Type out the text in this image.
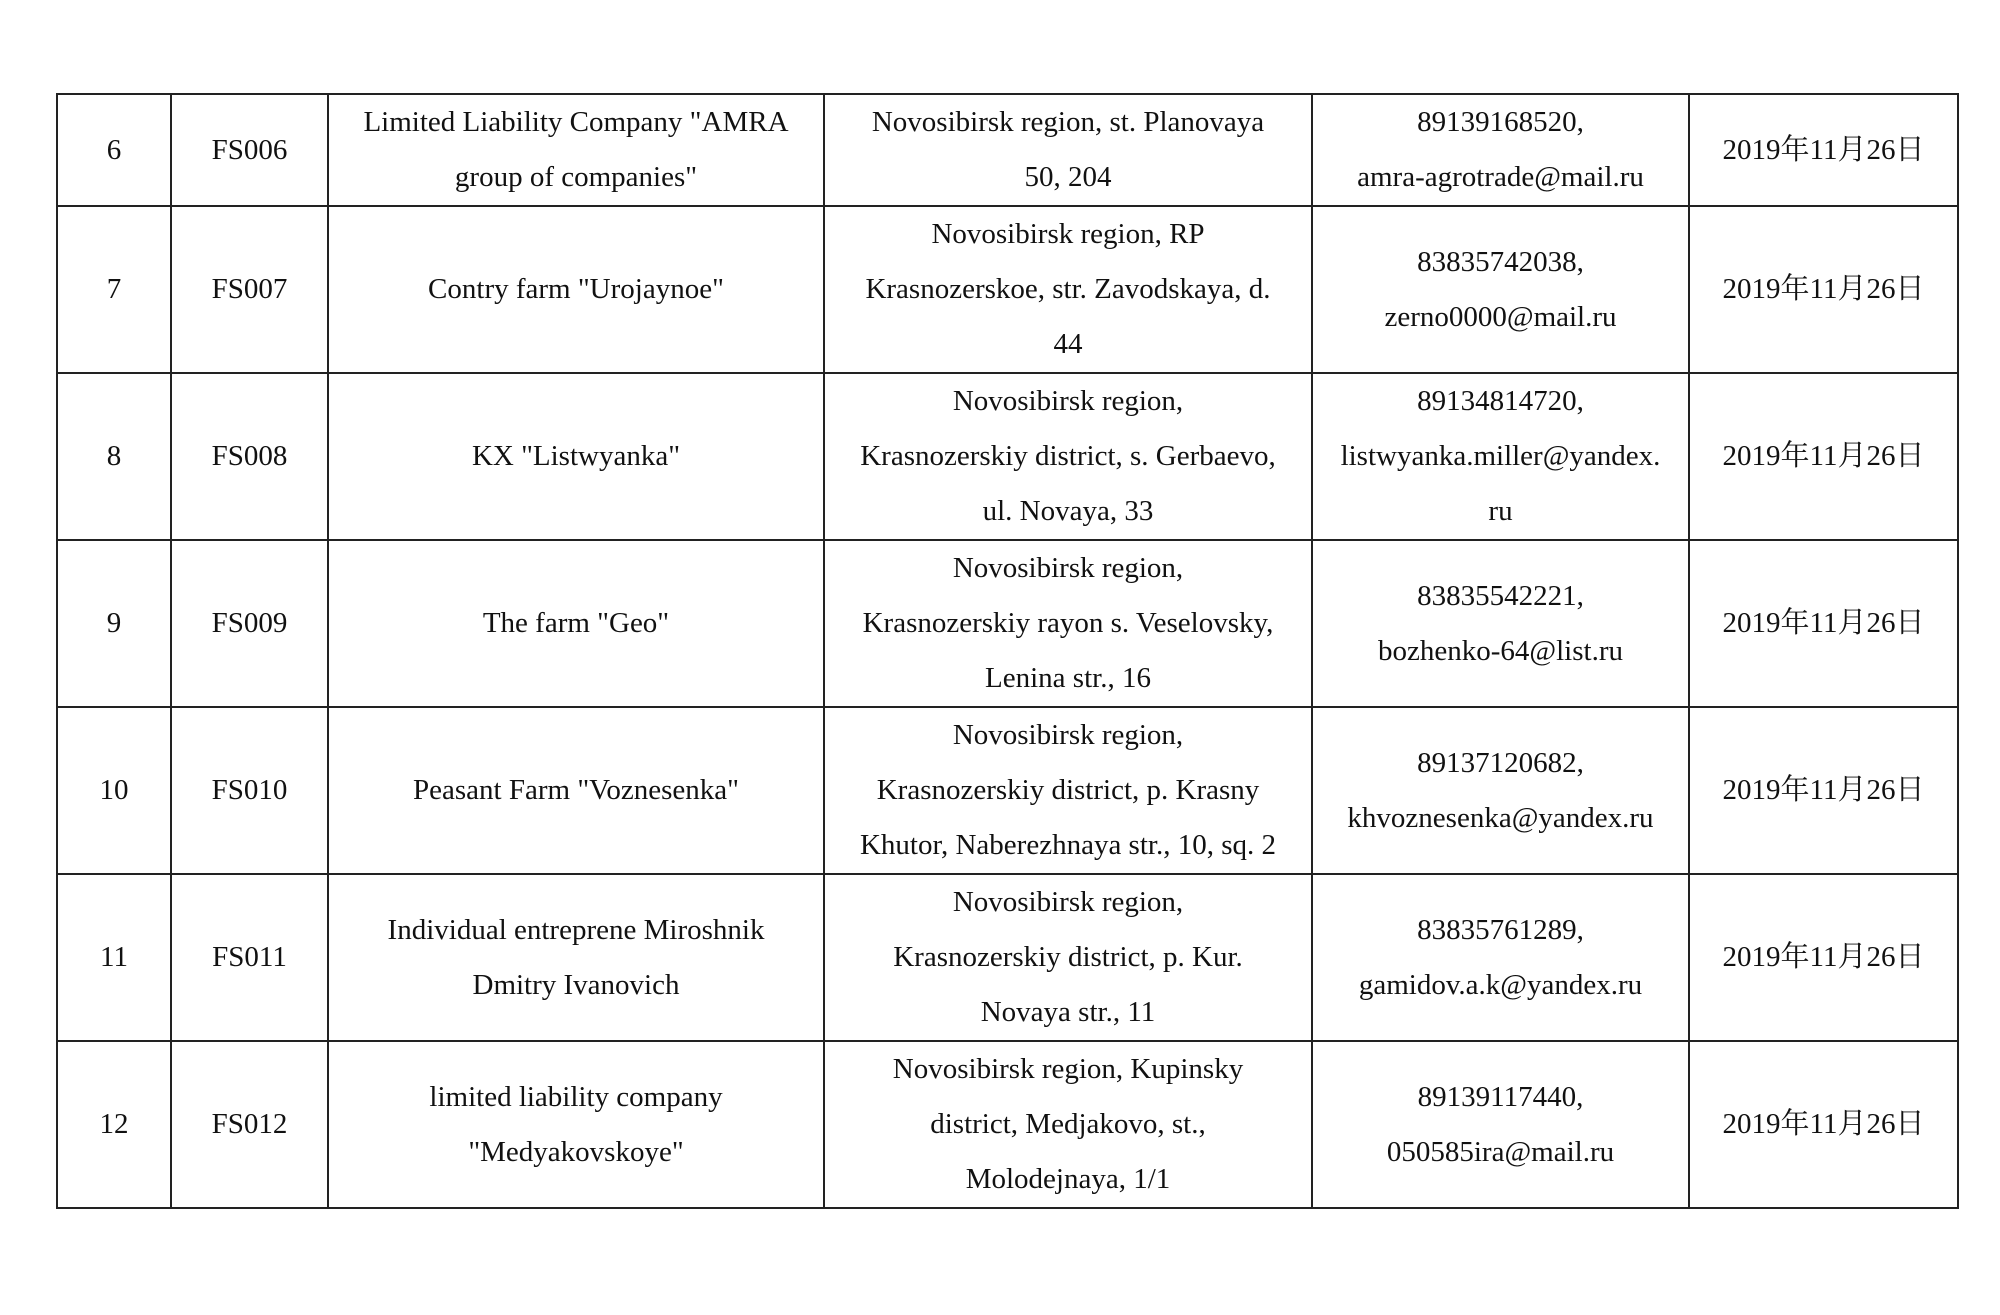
6	FS006	Limited Liability Company "AMRA
group of companies"	Novosibirsk region, st. Planovaya
50, 204	89139168520,
amra-agrotrade@mail.ru	2019年11月26日
7	FS007	Contry farm "Urojaynoe"	Novosibirsk region, RP
Krasnozerskoe, str. Zavodskaya, d.
44	83835742038,
zerno0000@mail.ru	2019年11月26日
8	FS008	KX "Listwyanka"	Novosibirsk region,
Krasnozerskiy district, s. Gerbaevo,
ul. Novaya, 33	89134814720,
listwyanka.miller@yandex.
ru	2019年11月26日
9	FS009	The farm "Geo"	Novosibirsk region,
Krasnozerskiy rayon s. Veselovsky,
Lenina str., 16	83835542221,
bozhenko-64@list.ru	2019年11月26日
10	FS010	Peasant Farm "Voznesenka"	Novosibirsk region,
Krasnozerskiy district, p. Krasny
Khutor, Naberezhnaya str., 10, sq. 2	89137120682,
khvoznesenka@yandex.ru	2019年11月26日
11	FS011	Individual entreprene Miroshnik
Dmitry Ivanovich	Novosibirsk region,
Krasnozerskiy district, p. Kur.
Novaya str., 11	83835761289,
gamidov.a.k@yandex.ru	2019年11月26日
12	FS012	limited liability company
"Medyakovskoye"	Novosibirsk region, Kupinsky
district, Medjakovo, st.,
Molodejnaya, 1/1	89139117440,
050585ira@mail.ru	2019年11月26日
